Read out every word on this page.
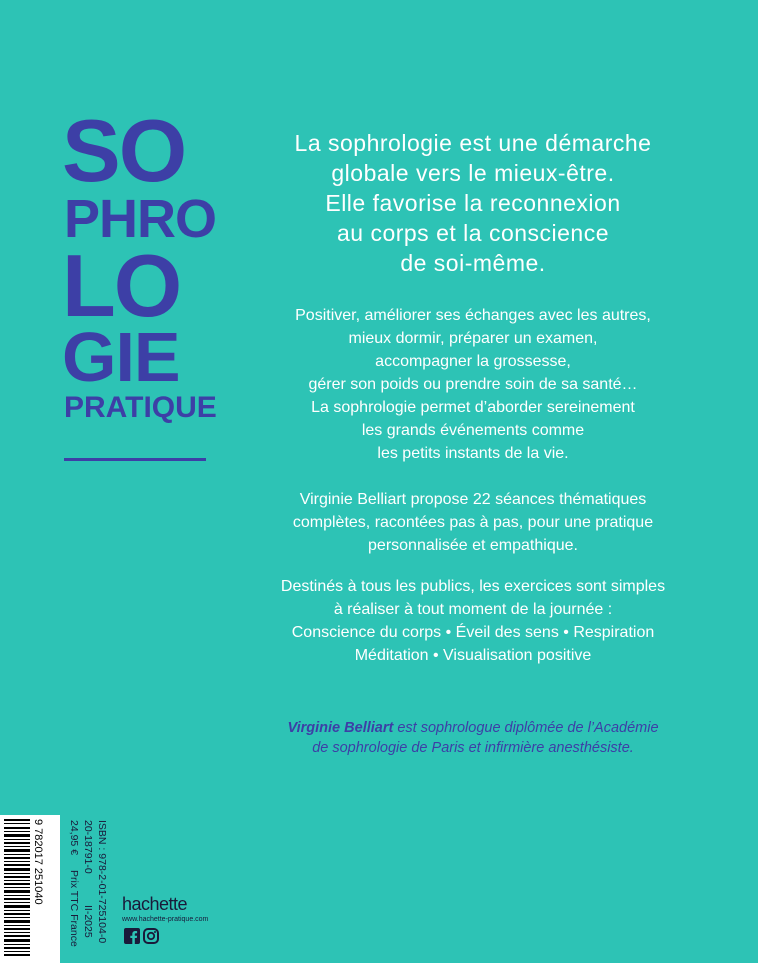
SO
PHRO
LO
GIE
PRATIQUE
La sophrologie est une démarche
globale vers le mieux-être.
Elle favorise la reconnexion
au corps et la conscience
de soi-même.
Positiver, améliorer ses échanges avec les autres,
mieux dormir, préparer un examen,
accompagner la grossesse,
gérer son poids ou prendre soin de sa santé…
La sophrologie permet d’aborder sereinement
les grands événements comme
les petits instants de la vie.
Virginie Belliart propose 22 séances thématiques
complètes, racontées pas à pas, pour une pratique
personnalisée et empathique.
Destinés à tous les publics, les exercices sont simples
à réaliser à tout moment de la journée :
Conscience du corps • Éveil des sens • Respiration
Méditation • Visualisation positive
Virginie Belliart est sophrologue diplômée de l’Académie
de sophrologie de Paris et infirmière anesthésiste.
9 782017 251040 24,95 €
Prix TTC France
20-18791-0
II-2025 ISBN : 978-2-01-725104-0 hachette
www.hachette-pratique.com
